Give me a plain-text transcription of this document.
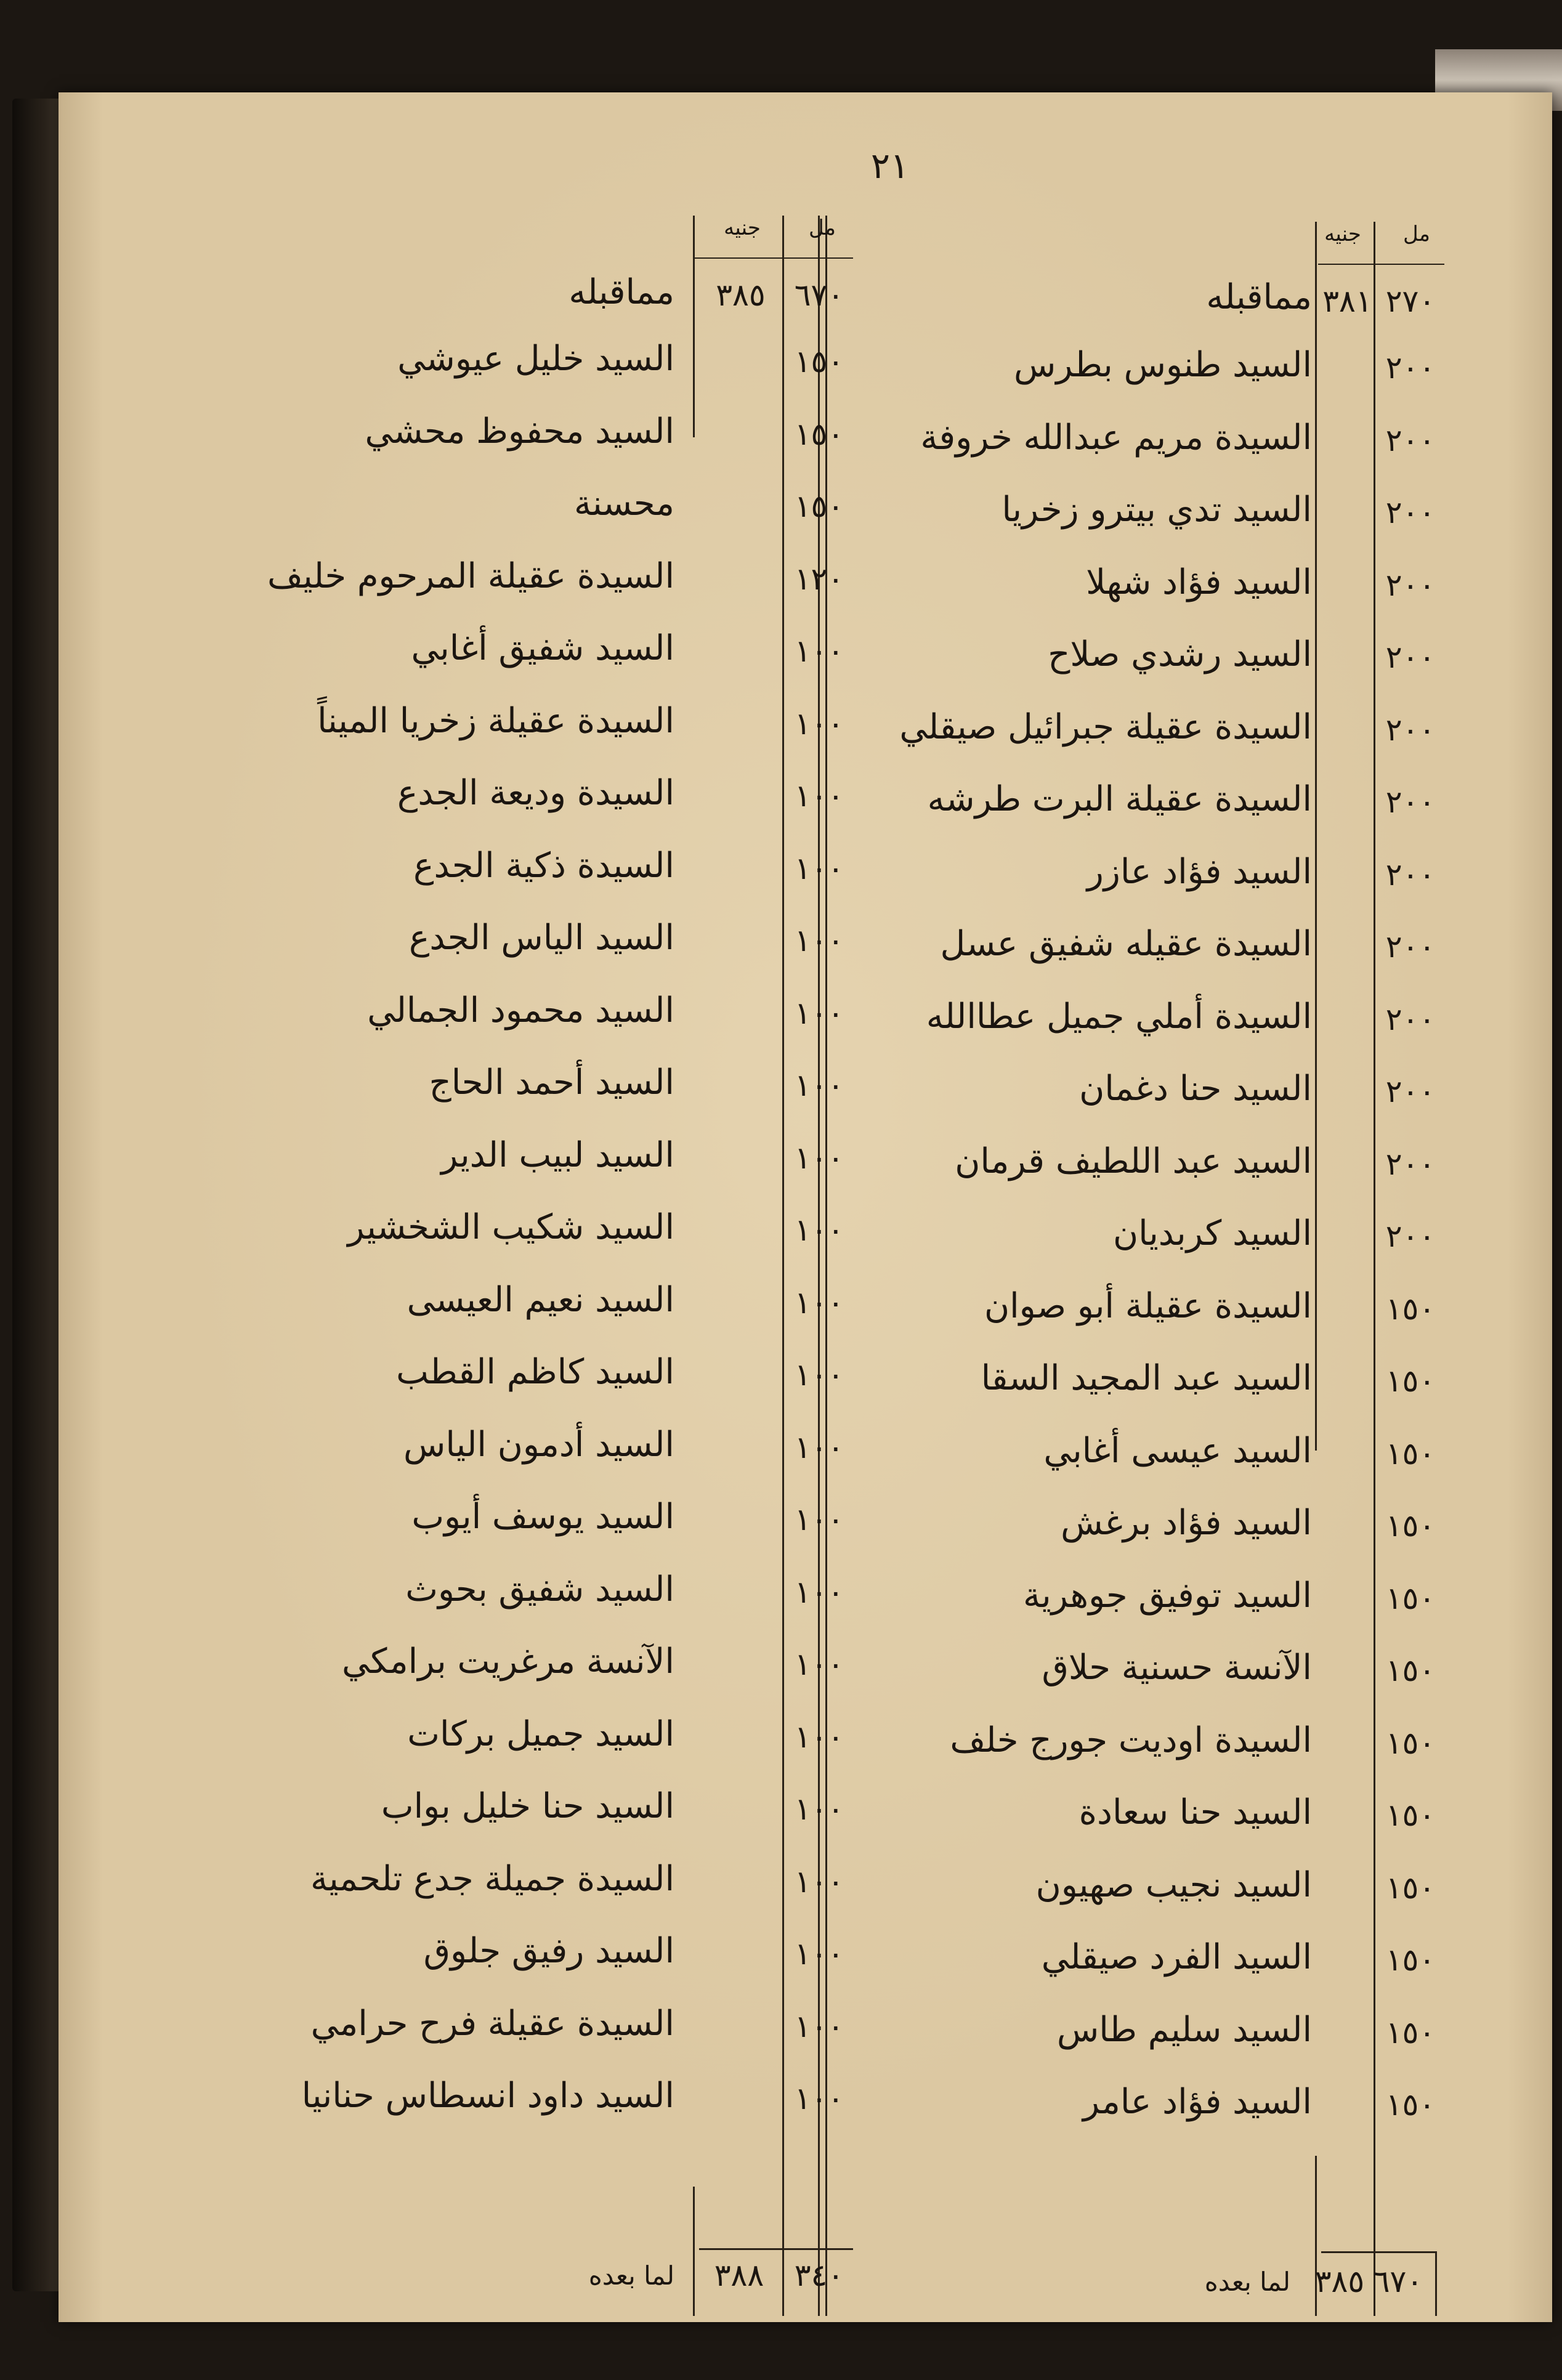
٢١
مل
جنيه
٢٧٠
٣٨١
مماقبله
٢٠٠
السيد طنوس بطرس
٢٠٠
السيدة مريم عبدالله خروفة
٢٠٠
السيد تدي بيترو زخريا
٢٠٠
السيد فؤاد شهلا
٢٠٠
السيد رشدي صلاح
٢٠٠
السيدة عقيلة جبرائيل صيقلي
٢٠٠
السيدة عقيلة البرت طرشه
٢٠٠
السيد فؤاد عازر
٢٠٠
السيدة عقيله شفيق عسل
٢٠٠
السيدة أملي جميل عطاالله
٢٠٠
السيد حنا دغمان
٢٠٠
السيد عبد اللطيف قرمان
٢٠٠
السيد كربديان
١٥٠
السيدة عقيلة أبو صوان
١٥٠
السيد عبد المجيد السقا
١٥٠
السيد عيسى أغابي
١٥٠
السيد فؤاد برغش
١٥٠
السيد توفيق جوهرية
١٥٠
الآنسة حسنية حلاق
١٥٠
السيدة اوديت جورج خلف
١٥٠
السيد حنا سعادة
١٥٠
السيد نجيب صهيون
١٥٠
السيد الفرد صيقلي
١٥٠
السيد سليم طاس
١٥٠
السيد فؤاد عامر
٦٧٠
٣٨٥
لما بعده
مل
جنيه
٦٧٠
٣٨٥
مماقبله
١٥٠
السيد خليل عيوشي
١٥٠
السيد محفوظ محشي
١٥٠
محسنة
١٢٠
السيدة عقيلة المرحوم خليف
١٠٠
السيد شفيق أغابي
١٠٠
السيدة عقيلة زخريا الميناً
١٠٠
السيدة وديعة الجدع
١٠٠
السيدة ذكية الجدع
١٠٠
السيد الياس الجدع
١٠٠
السيد محمود الجمالي
١٠٠
السيد أحمد الحاج
١٠٠
السيد لبيب الدير
١٠٠
السيد شكيب الشخشير
١٠٠
السيد نعيم العيسى
١٠٠
السيد كاظم القطب
١٠٠
السيد أدمون الياس
١٠٠
السيد يوسف أيوب
١٠٠
السيد شفيق بحوث
١٠٠
الآنسة مرغريت برامكي
١٠٠
السيد جميل بركات
١٠٠
السيد حنا خليل بواب
١٠٠
السيدة جميلة جدع تلحمية
١٠٠
السيد رفيق جلوق
١٠٠
السيدة عقيلة فرح حرامي
١٠٠
السيد داود انسطاس حنانيا
٣٤٠
٣٨٨
لما بعده
